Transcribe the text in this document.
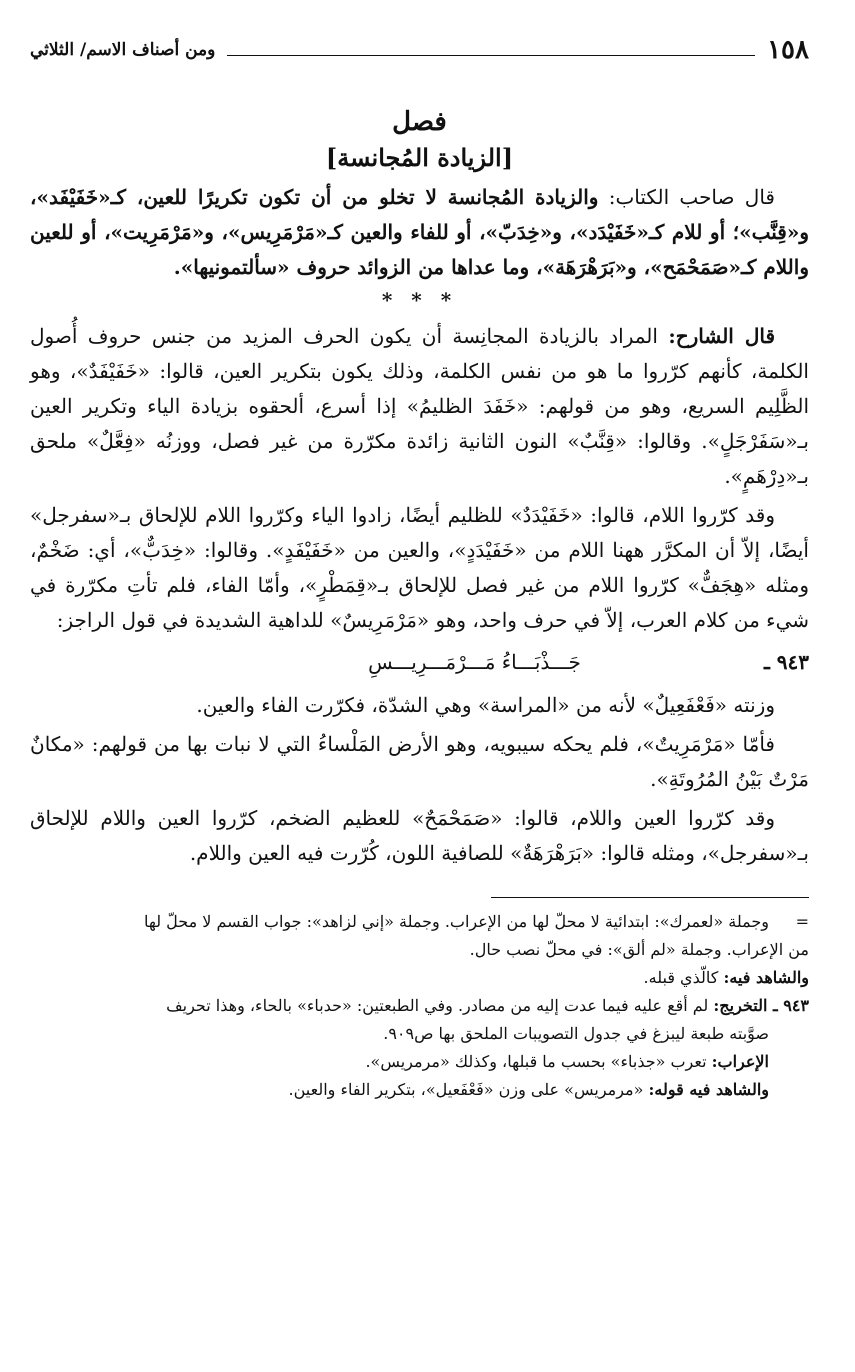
١٥٨
ومن أصناف الاسم/ الثلاثي
فصل
[الزيادة المُجانسة]

قال صاحب الكتاب: والزيادة المُجانسة لا تخلو من أن تكون تكريرًا للعين، كـ«خَفَيْفَد»، و«قِنَّب»؛ أو للام كـ«خَفَيْدَد»، و«خِدَبّ»، أو للفاء والعين كـ«مَرْمَرِيس»، و«مَرْمَرِيت»، أو للعين واللام كـ«صَمَحْمَح»، و«بَرَهْرَهَة»، وما عداها من الزوائد حروف «سألتمونيها».

* * *

قال الشارح: المراد بالزيادة المجانِسة أن يكون الحرف المزيد من جنس حروف أُصول الكلمة، كأنهم كرّروا ما هو من نفس الكلمة، وذلك يكون بتكرير العين، قالوا: «خَفَيْفَدٌ»، وهو الظَّلِيم السريع، وهو من قولهم: «خَفَدَ الظليمُ» إذا أسرع، ألحقوه بزيادة الياء وتكرير العين بـ«سَفَرْجَلٍ». وقالوا: «قِنَّبٌ» النون الثانية زائدة مكرّرة من غير فصل، ووزنُه «فِعَّلٌ» ملحق بـ«دِرْهَمٍ».

وقد كرّروا اللام، قالوا: «خَفَيْدَدٌ» للظليم أيضًا، زادوا الياء وكرّروا اللام للإلحاق بـ«سفرجل» أيضًا، إلاّ أن المكرَّر ههنا اللام من «خَفَيْدَدٍ»، والعين من «خَفَيْفَدٍ». وقالوا: «خِدَبٌّ»، أي: ضَخْمٌ، ومثله «هِجَفٌّ» كرّروا اللام من غير فصل للإلحاق بـ«قِمَطْرٍ»، وأمّا الفاء، فلم تأتِ مكرّرة في شيء من كلام العرب، إلاّ في حرف واحد، وهو «مَرْمَرِيسٌ» للداهية الشديدة في قول الراجز:

٩٤٣ ـ
جَـــذْبَـــاءُ مَـــرْمَـــرِيـــسِ

وزنته «فَعْفَعِيلٌ» لأنه من «المراسة» وهي الشدّة، فكرّرت الفاء والعين.

فأمّا «مَرْمَرِيتٌ»، فلم يحكه سيبويه، وهو الأرض المَلْساءُ التي لا نبات بها من قولهم: «مكانٌ مَرْتٌ بَيْنُ المُرُوتَةِ».

وقد كرّروا العين واللام، قالوا: «صَمَحْمَحٌ» للعظيم الضخم، كرّروا العين واللام للإلحاق بـ«سفرجل»، ومثله قالوا: «بَرَهْرَهَةٌ» للصافية اللون، كُرّرت فيه العين واللام.

= وجملة «لعمرك»: ابتدائية لا محلّ لها من الإعراب. وجملة «إني لزاهد»: جواب القسم لا محلّ لها

من الإعراب. وجملة «لم ألق»: في محلّ نصب حال.

والشاهد فيه: كالّذي قبله.

٩٤٣ ـ التخريج: لم أقع عليه فيما عدت إليه من مصادر. وفي الطبعتين: «حدباء» بالحاء، وهذا تحريف

صوَّبته طبعة ليبزغ في جدول التصويبات الملحق بها ص٩٠٩.

الإعراب: تعرب «جذباء» بحسب ما قبلها، وكذلك «مرمريس».

والشاهد فيه قوله: «مرمريس» على وزن «فَعْفَعيل»، بتكرير الفاء والعين.
